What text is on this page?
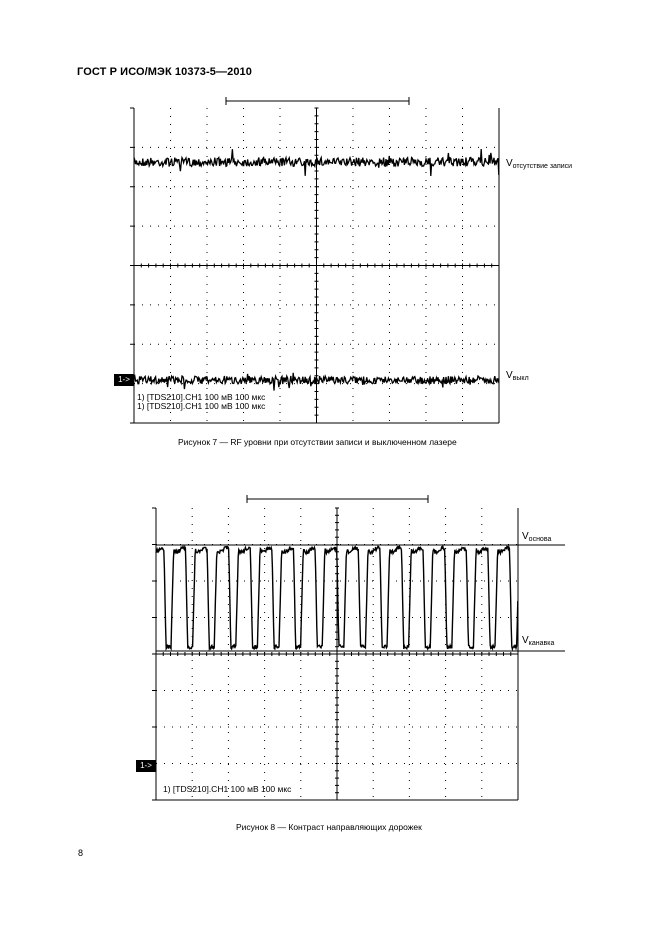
ГОСТ Р ИСО/МЭК 10373-5—2010
$V_{отсутствие записи}$
$V_{выкл}$
1->
1) [TDS210].CH1 100 мВ 100 мкс
1) [TDS210].CH1 100 мВ 100 мкс
Рисунок 7 — RF уровни при отсутствии записи и выключенном лазере
$V_{основа}$
$V_{канавка}$
1->
1) [TDS210].CH1 100 мВ 100 мкс
Рисунок 8 — Контраст направляющих дорожек
8
